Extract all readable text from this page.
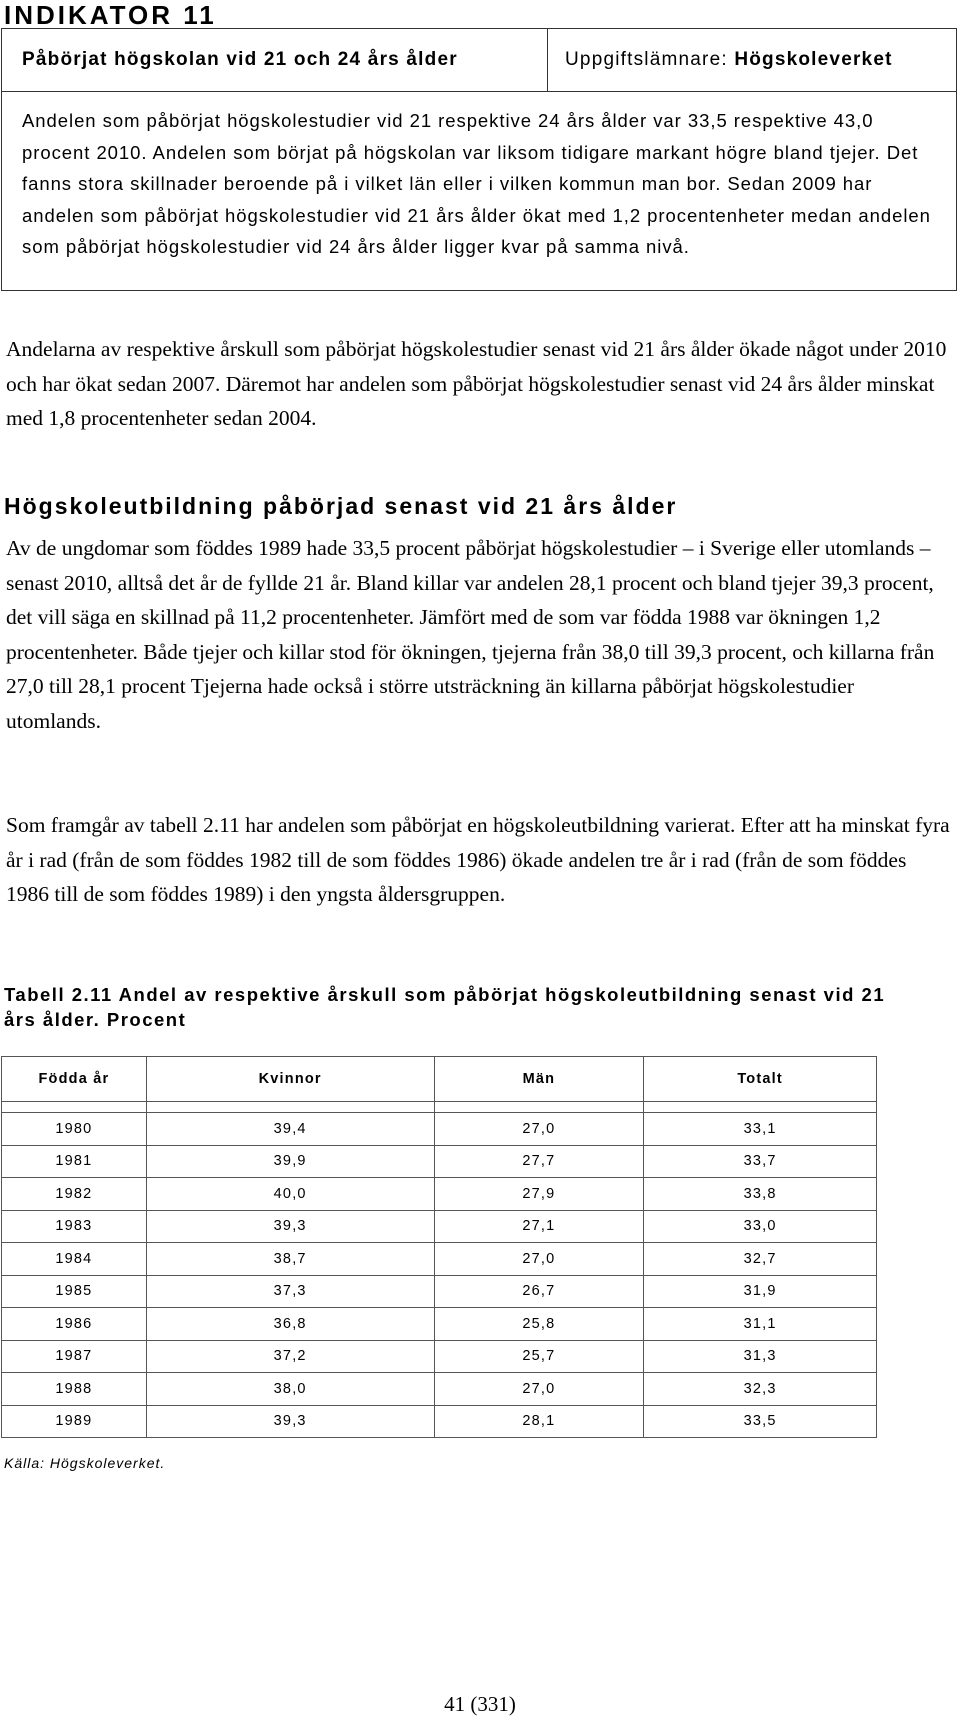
INDIKATOR 11
Påbörjat högskolan vid 21 och 24 års ålder	Uppgiftslämnare: Högskoleverket

Andelen som påbörjat högskolestudier vid 21 respektive 24 års ålder var 33,5 respektive 43,0 procent 2010. Andelen som börjat på högskolan var liksom tidigare markant högre bland tjejer. Det fanns stora skillnader beroende på i vilket län eller i vilken kommun man bor. Sedan 2009 har andelen som påbörjat högskolestudier vid 21 års ålder ökat med 1,2 procentenheter medan andelen som påbörjat högskolestudier vid 24 års ålder ligger kvar på samma nivå.

Andelarna av respektive årskull som påbörjat högskolestudier senast vid 21 års ålder ökade något under 2010 och har ökat sedan 2007. Däremot har andelen som påbörjat högskolestudier senast vid 24 års ålder minskat med 1,8 procentenheter sedan 2004.

Högskoleutbildning påbörjad senast vid 21 års ålder

Av de ungdomar som föddes 1989 hade 33,5 procent påbörjat högskolestudier – i Sverige eller utomlands – senast 2010, alltså det år de fyllde 21 år. Bland killar var andelen 28,1 procent och bland tjejer 39,3 procent, det vill säga en skillnad på 11,2 procentenheter. Jämfört med de som var födda 1988 var ökningen 1,2 procentenheter. Både tjejer och killar stod för ökningen, tjejerna från 38,0 till 39,3 procent, och killarna från 27,0 till 28,1 procent Tjejerna hade också i större utsträckning än killarna påbörjat högskolestudier utomlands.

Som framgår av tabell 2.11 har andelen som påbörjat en högskoleutbildning varierat. Efter att ha minskat fyra år i rad (från de som föddes 1982 till de som föddes 1986) ökade andelen tre år i rad (från de som föddes 1986 till de som föddes 1989) i den yngsta åldersgruppen.

Tabell 2.11 Andel av respektive årskull som påbörjat högskoleutbildning senast vid 21 års ålder. Procent

Födda år	Kvinnor	Män	Totalt

1980	39,4	27,0	33,1
1981	39,9	27,7	33,7
1982	40,0	27,9	33,8
1983	39,3	27,1	33,0
1984	38,7	27,0	32,7
1985	37,3	26,7	31,9
1986	36,8	25,8	31,1
1987	37,2	25,7	31,3
1988	38,0	27,0	32,3
1989	39,3	28,1	33,5
Källa: Högskoleverket.
41 (331)
